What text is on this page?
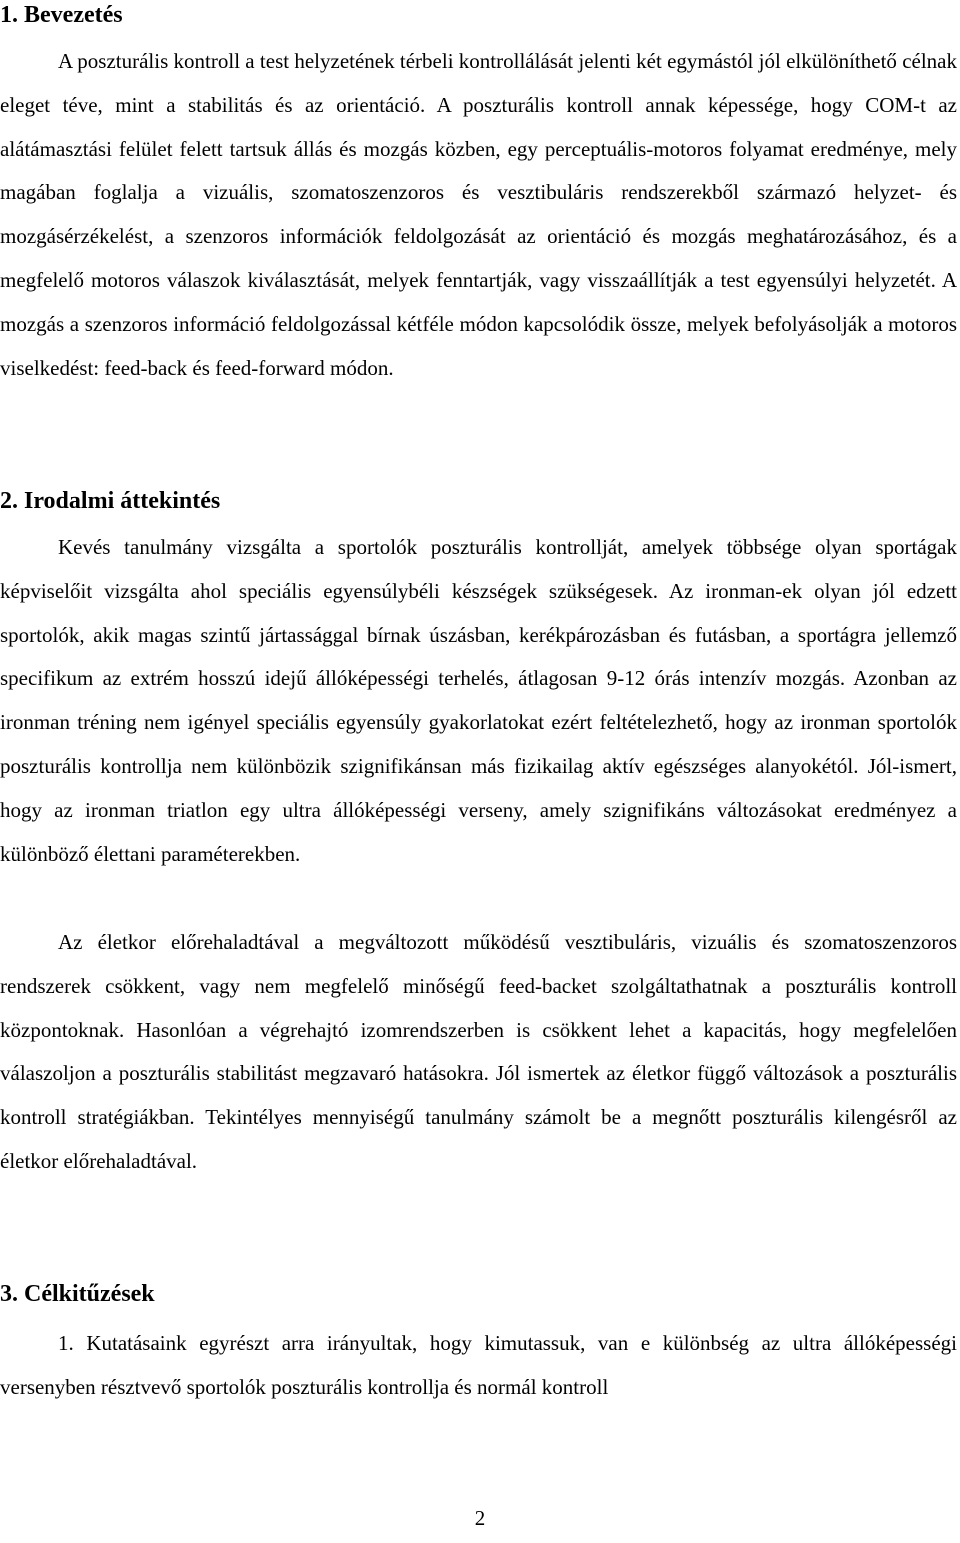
1. Bevezetés

A poszturális kontroll a test helyzetének térbeli kontrollálását jelenti két egymástól jól elkülöníthető célnak eleget téve, mint a stabilitás és az orientáció. A poszturális kontroll annak képessége, hogy COM-t az alátámasztási felület felett tartsuk állás és mozgás közben, egy perceptuális-motoros folyamat eredménye, mely magában foglalja a vizuális, szomatoszenzoros és vesztibuláris rendszerekből származó helyzet- és mozgásérzékelést, a szenzoros információk feldolgozását az orientáció és mozgás meghatározásához, és a megfelelő motoros válaszok kiválasztását, melyek fenntartják, vagy visszaállítják a test egyensúlyi helyzetét. A mozgás a szenzoros információ feldolgozással kétféle módon kapcsolódik össze, melyek befolyásolják a motoros viselkedést: feed-back és feed-forward módon.

2. Irodalmi áttekintés

Kevés tanulmány vizsgálta a sportolók poszturális kontrollját, amelyek többsége olyan sportágak képviselőit vizsgálta ahol speciális egyensúlybéli készségek szükségesek. Az ironman-ek olyan jól edzett sportolók, akik magas szintű jártassággal bírnak úszásban, kerékpározásban és futásban, a sportágra jellemző specifikum az extrém hosszú idejű állóképességi terhelés, átlagosan 9-12 órás intenzív mozgás. Azonban az ironman tréning nem igényel speciális egyensúly gyakorlatokat ezért feltételezhető, hogy az ironman sportolók poszturális kontrollja nem különbözik szignifikánsan más fizikailag aktív egészséges alanyokétól. Jól-ismert, hogy az ironman triatlon egy ultra állóképességi verseny, amely szignifikáns változásokat eredményez a különböző élettani paraméterekben.

Az életkor előrehaladtával a megváltozott működésű vesztibuláris, vizuális és szomatoszenzoros rendszerek csökkent, vagy nem megfelelő minőségű feed-backet szolgáltathatnak a poszturális kontroll központoknak. Hasonlóan a végrehajtó izomrendszerben is csökkent lehet a kapacitás, hogy megfelelően válaszoljon a poszturális stabilitást megzavaró hatásokra. Jól ismertek az életkor függő változások a poszturális kontroll stratégiákban. Tekintélyes mennyiségű tanulmány számolt be a megnőtt poszturális kilengésről az életkor előrehaladtával.

3. Célkitűzések

1. Kutatásaink egyrészt arra irányultak, hogy kimutassuk, van e különbség az ultra állóképességi versenyben résztvevő sportolók poszturális kontrollja és normál kontroll

2
